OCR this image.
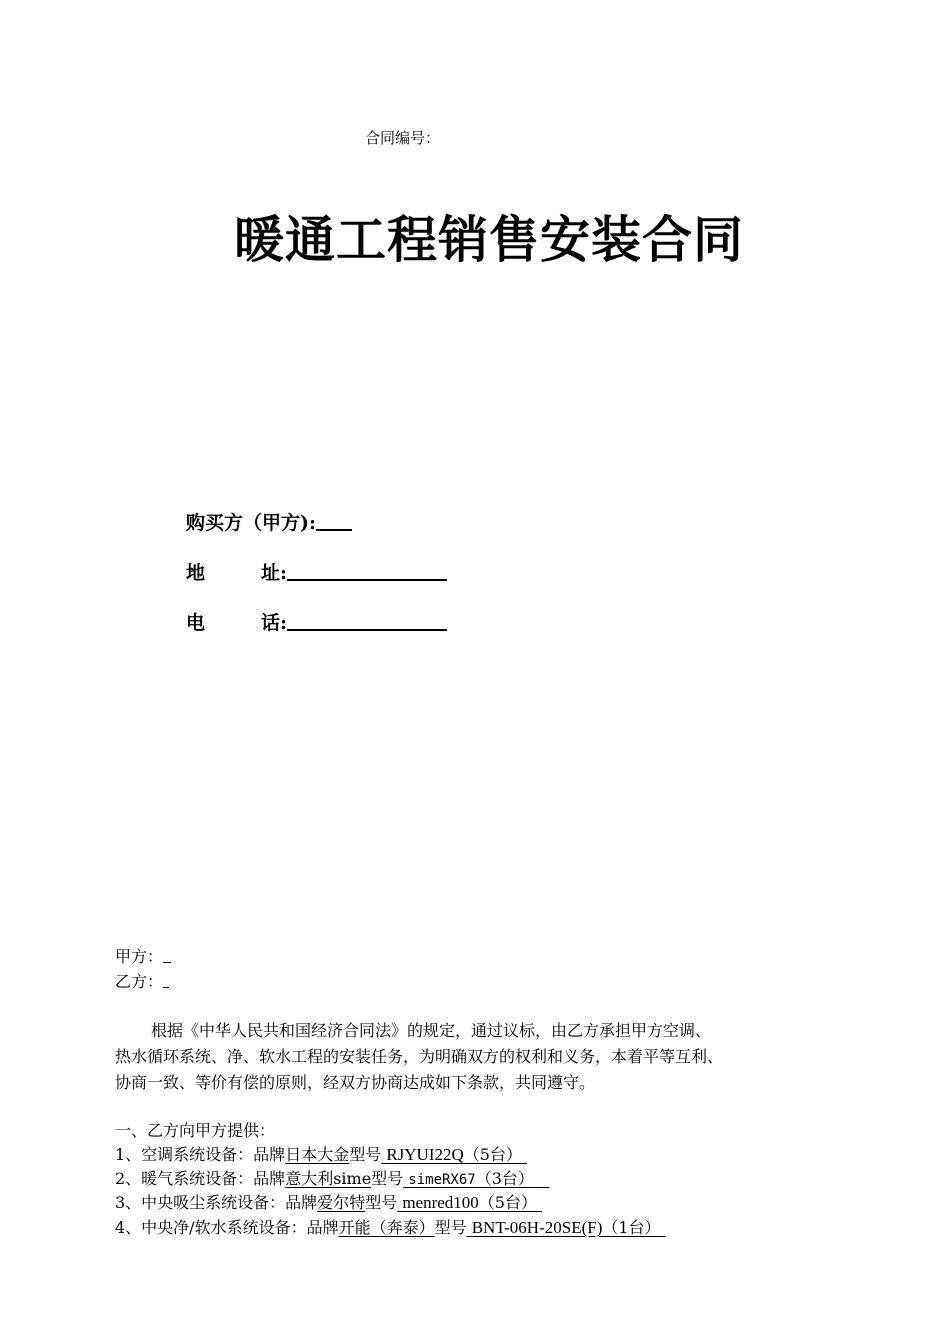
合同编号：
暖通工程销售安装合同
购买方（甲方):
地	址:
电	话:
甲方：
乙方：

根据《中华人民共和国经济合同法》的规定，通过议标，由乙方承担甲方空调、

热水循环系统、净、软水工程的安装任务，为明确双方的权利和义务，本着平等互利、

协商一致、等价有偿的原则，经双方协商达成如下条款，共同遵守。

一、乙方向甲方提供：
1、空调系统设备：品牌日本大金型号 RJYUI22Q（5台）
2、暖气系统设备：品牌意大利sime型号 simeRX67（3台）
3、中央吸尘系统设备：品牌爱尔特型号 menred100（5台）
4、中央净/软水系统设备：品牌开能（奔泰）型号 BNT-06H-20SE(F)（1台）
